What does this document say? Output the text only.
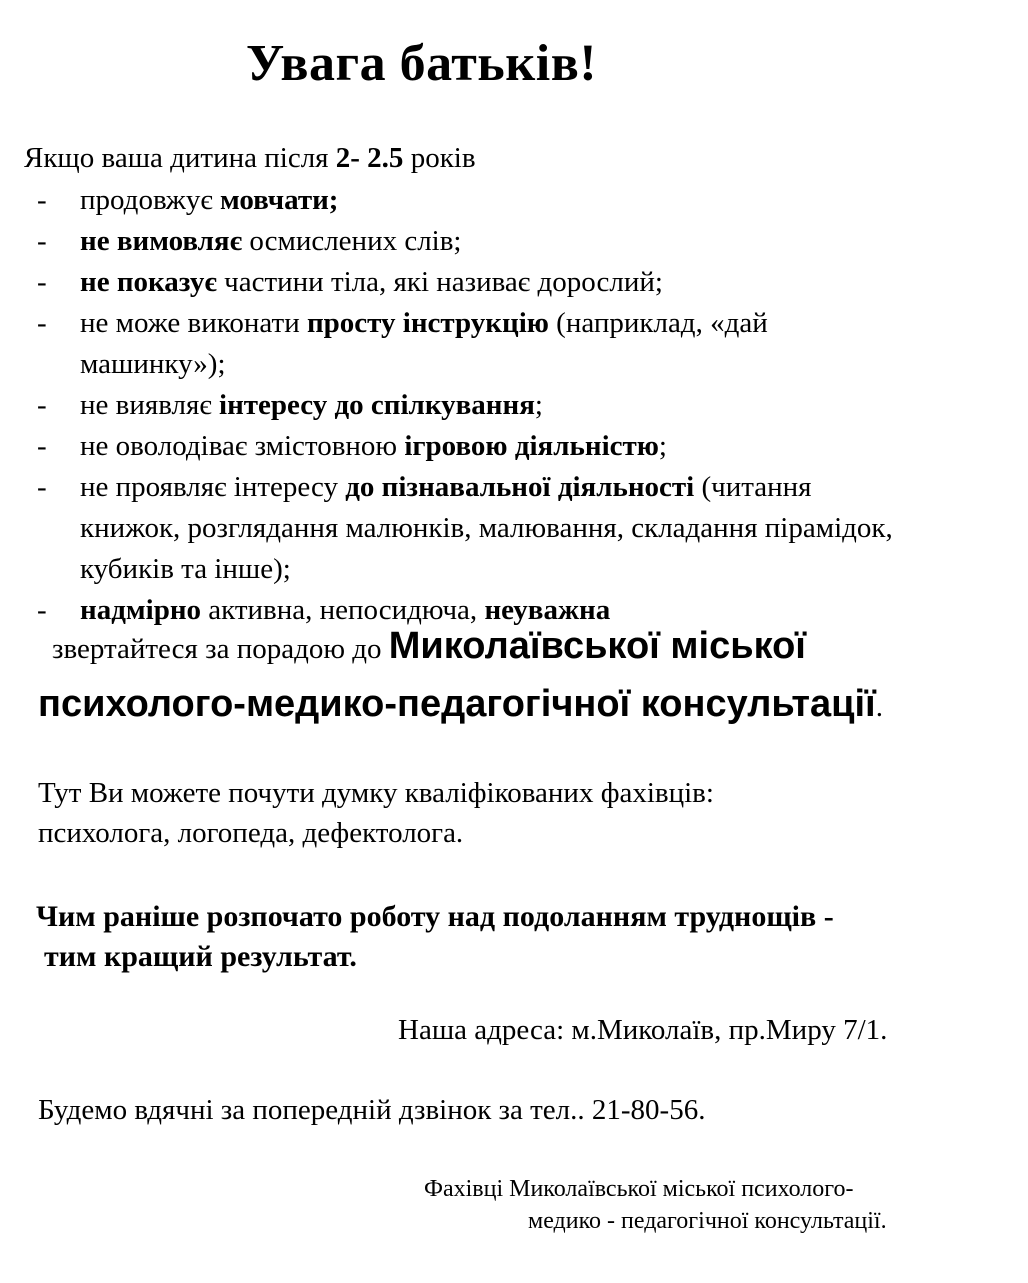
Увага батьків!
Якщо ваша дитина після 2- 2.5 років
- продовжує мовчати;
- не вимовляє осмислених слів;
- не показує частини тіла, які називає дорослий;
- не може виконати просту інструкцію (наприклад, «дай
машинку»);
- не виявляє інтересу до спілкування;
- не оволодіває змістовною ігровою діяльністю;
- не проявляє інтересу до пізнавальної діяльності (читання
книжок, розглядання малюнків, малювання, складання пірамідок,
кубиків та інше);
- надмірно активна, непосидюча, неуважна
звертайтеся за порадою до Миколаївської міської
психолого-медико-педагогічної консультації.
Тут Ви можете почути думку кваліфікованих фахівців:
психолога, логопеда, дефектолога.
Чим раніше розпочато роботу над подоланням труднощів -
тим кращий результат.
Наша адреса: м.Миколаїв, пр.Миру 7/1.
Будемо вдячні за попередній дзвінок за тел.. 21-80-56.
Фахівці Миколаївської міської психолого-
медико - педагогічної консультації.
